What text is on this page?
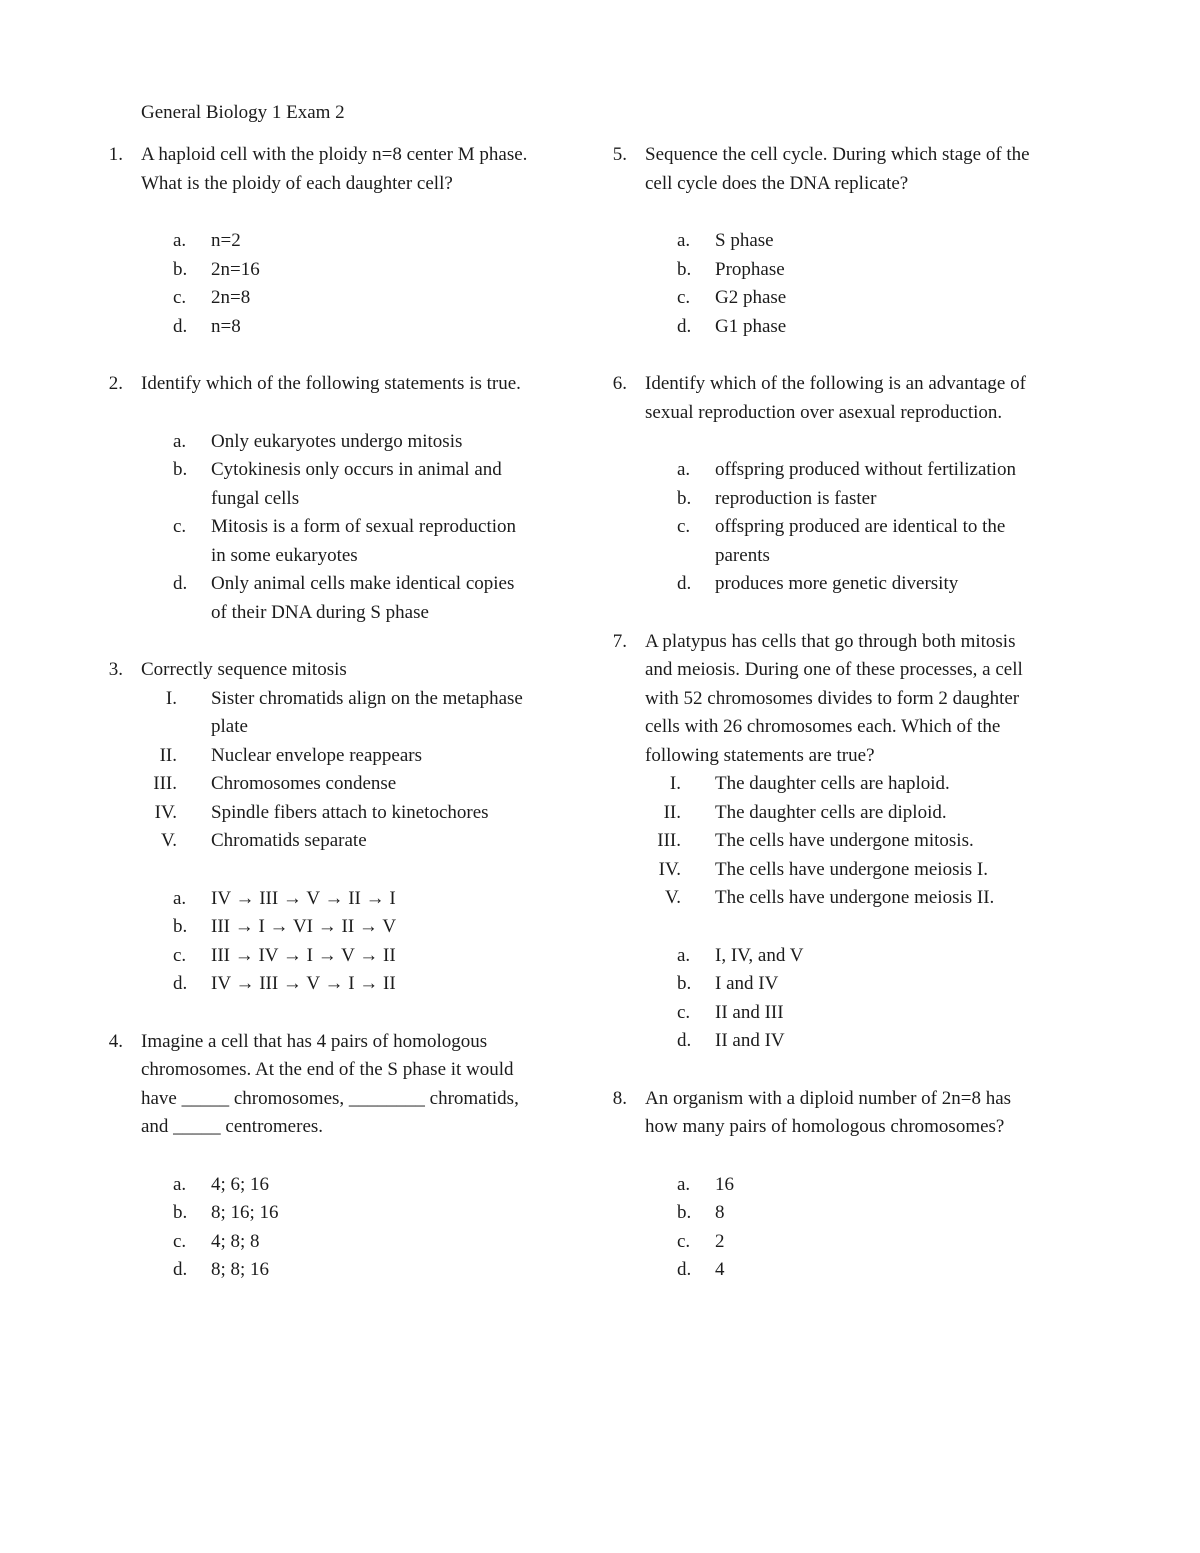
General Biology 1 Exam 2
1. A haploid cell with the ploidy n=8 center M phase. What is the ploidy of each daughter cell?
a.	n=2
b.	2n=16
c.	2n=8
d.	n=8
2. Identify which of the following statements is true.
a.	Only eukaryotes undergo mitosis
b.	Cytokinesis only occurs in animal and fungal cells
c.	Mitosis is a form of sexual reproduction in some eukaryotes
d.	Only animal cells make identical copies of their DNA during S phase
3. Correctly sequence mitosis
I. Sister chromatids align on the metaphase plate
II. Nuclear envelope reappears
III. Chromosomes condense
IV. Spindle fibers attach to kinetochores
V. Chromatids separate
a.	IV → III → V → II → I
b.	III → I → VI → II → V
c.	III → IV → I → V → II
d.	IV → III → V → I → II
4. Imagine a cell that has 4 pairs of homologous chromosomes. At the end of the S phase it would have _____ chromosomes, ________ chromatids, and _____ centromeres.
a.	4; 6; 16
b.	8; 16; 16
c.	4; 8; 8
d.	8; 8; 16
5. Sequence the cell cycle. During which stage of the cell cycle does the DNA replicate?
a.	S phase
b.	Prophase
c.	G2 phase
d.	G1 phase
6. Identify which of the following is an advantage of sexual reproduction over asexual reproduction.
a.	offspring produced without fertilization
b.	reproduction is faster
c.	offspring produced are identical to the parents
d.	produces more genetic diversity
7. A platypus has cells that go through both mitosis and meiosis. During one of these processes, a cell with 52 chromosomes divides to form 2 daughter cells with 26 chromosomes each. Which of the following statements are true?
I. The daughter cells are haploid.
II. The daughter cells are diploid.
III. The cells have undergone mitosis.
IV. The cells have undergone meiosis I.
V. The cells have undergone meiosis II.
a.	I, IV, and V
b.	I and IV
c.	II and III
d.	II and IV
8. An organism with a diploid number of 2n=8 has how many pairs of homologous chromosomes?
a.	16
b.	8
c.	2
d.	4
